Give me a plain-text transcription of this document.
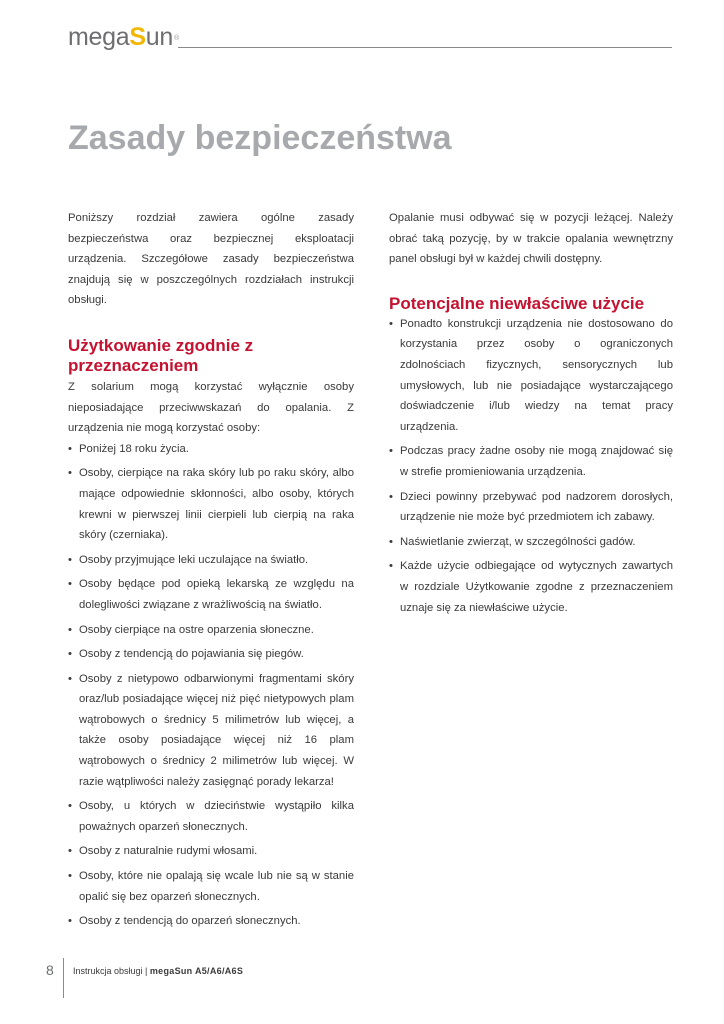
megaSun®
Zasady bezpieczeństwa

Poniższy rozdział zawiera ogólne zasady bezpieczeństwa oraz bezpiecznej eksploatacji urządzenia. Szczegółowe zasady bezpieczeństwa znajdują się w poszczególnych rozdziałach instrukcji obsługi.

Użytkowanie zgodnie z przeznaczeniem

Z solarium mogą korzystać wyłącznie osoby nieposiadające przeciwwskazań do opalania. Z urządzenia nie mogą korzystać osoby:

• Poniżej 18 roku życia.
• Osoby, cierpiące na raka skóry lub po raku skóry, albo mające odpowiednie skłonności, albo osoby, których krewni w pierwszej linii cierpieli lub cierpią na raka skóry (czerniaka).
• Osoby przyjmujące leki uczulające na światło.
• Osoby będące pod opieką lekarską ze względu na dolegliwości związane z wrażliwością na światło.
• Osoby cierpiące na ostre oparzenia słoneczne.
• Osoby z tendencją do pojawiania się piegów.
• Osoby z nietypowo odbarwionymi fragmentami skóry oraz/lub posiadające więcej niż pięć nietypowych plam wątrobowych o średnicy 5 milimetrów lub więcej, a także osoby posiadające więcej niż 16 plam wątrobowych o średnicy 2 milimetrów lub więcej. W razie wątpliwości należy zasięgnąć porady lekarza!
• Osoby, u których w dzieciństwie wystąpiło kilka poważnych oparzeń słonecznych.
• Osoby z naturalnie rudymi włosami.
• Osoby, które nie opalają się wcale lub nie są w stanie opalić się bez oparzeń słonecznych.
• Osoby z tendencją do oparzeń słonecznych.

Opalanie musi odbywać się w pozycji leżącej. Należy obrać taką pozycję, by w trakcie opalania wewnętrzny panel obsługi był w każdej chwili dostępny.

Potencjalne niewłaściwe użycie
• Ponadto konstrukcji urządzenia nie dostosowano do korzystania przez osoby o ograniczonych zdolnościach fizycznych, sensorycznych lub umysłowych, lub nie posiadające wystarczającego doświadczenie i/lub wiedzy na temat pracy urządzenia.
• Podczas pracy żadne osoby nie mogą znajdować się w strefie promieniowania urządzenia.
• Dzieci powinny przebywać pod nadzorem dorosłych, urządzenie nie może być przedmiotem ich zabawy.
• Naświetlanie zwierząt, w szczególności gadów.
• Każde użycie odbiegające od wytycznych zawartych w rozdziale Użytkowanie zgodne z przeznaczeniem uznaje się za niewłaściwe użycie.
8 Instrukcja obsługi | megaSun A5/A6/A6S
